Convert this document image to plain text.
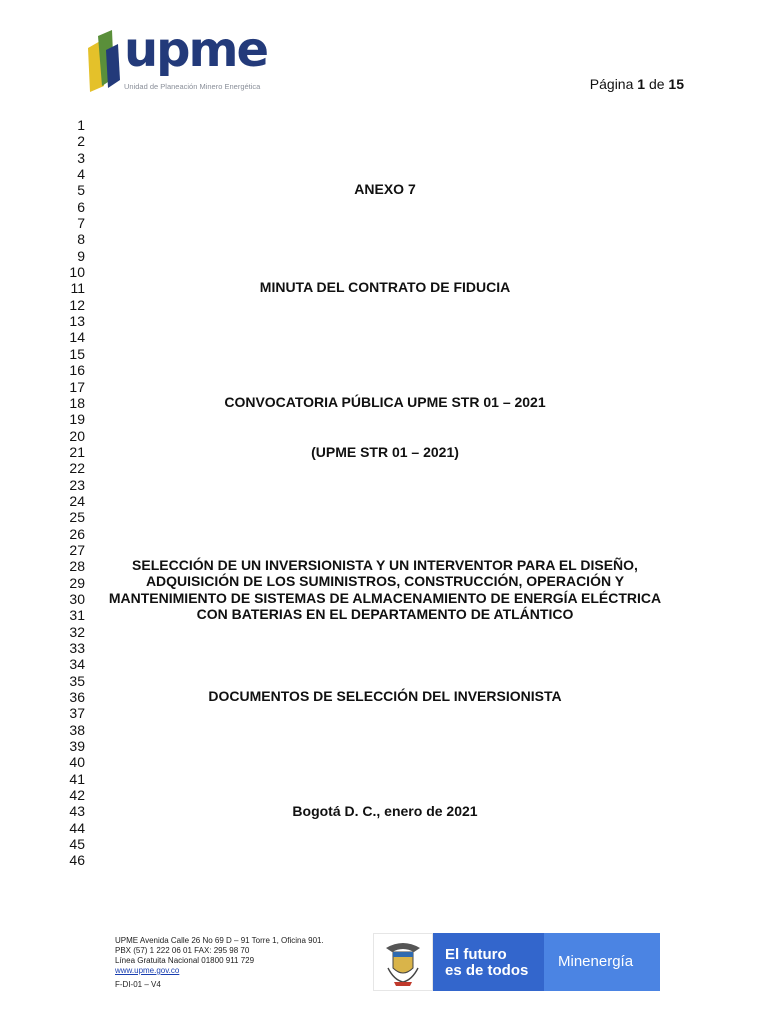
upme
Unidad de Planeación Minero Energética	Página 1 de 15
1
2
3
4
5
6
7
8
9
10
11
12
13
14
15
16
17
18
19
20
21
22
23
24
25
26
27
28
29
30
31
32
33
34
35
36
37
38
39
40
41
42
43
44
45
46
ANEXO 7
MINUTA DEL CONTRATO DE FIDUCIA
CONVOCATORIA PÚBLICA UPME STR 01 – 2021
(UPME STR 01 – 2021)
SELECCIÓN DE UN INVERSIONISTA Y UN INTERVENTOR PARA EL DISEÑO,
ADQUISICIÓN DE LOS SUMINISTROS, CONSTRUCCIÓN, OPERACIÓN Y
MANTENIMIENTO DE SISTEMAS DE ALMACENAMIENTO DE ENERGÍA ELÉCTRICA
CON BATERIAS EN EL DEPARTAMENTO DE ATLÁNTICO
DOCUMENTOS DE SELECCIÓN DEL INVERSIONISTA
Bogotá D. C., enero de 2021
UPME Avenida Calle 26 No 69 D – 91 Torre 1, Oficina 901.
PBX (57) 1 222 06 01 FAX: 295 98 70
Línea Gratuita Nacional 01800 911 729
www.upme.gov.co
F-DI-01 – V4
El futuro
es de todos
Minenergía
